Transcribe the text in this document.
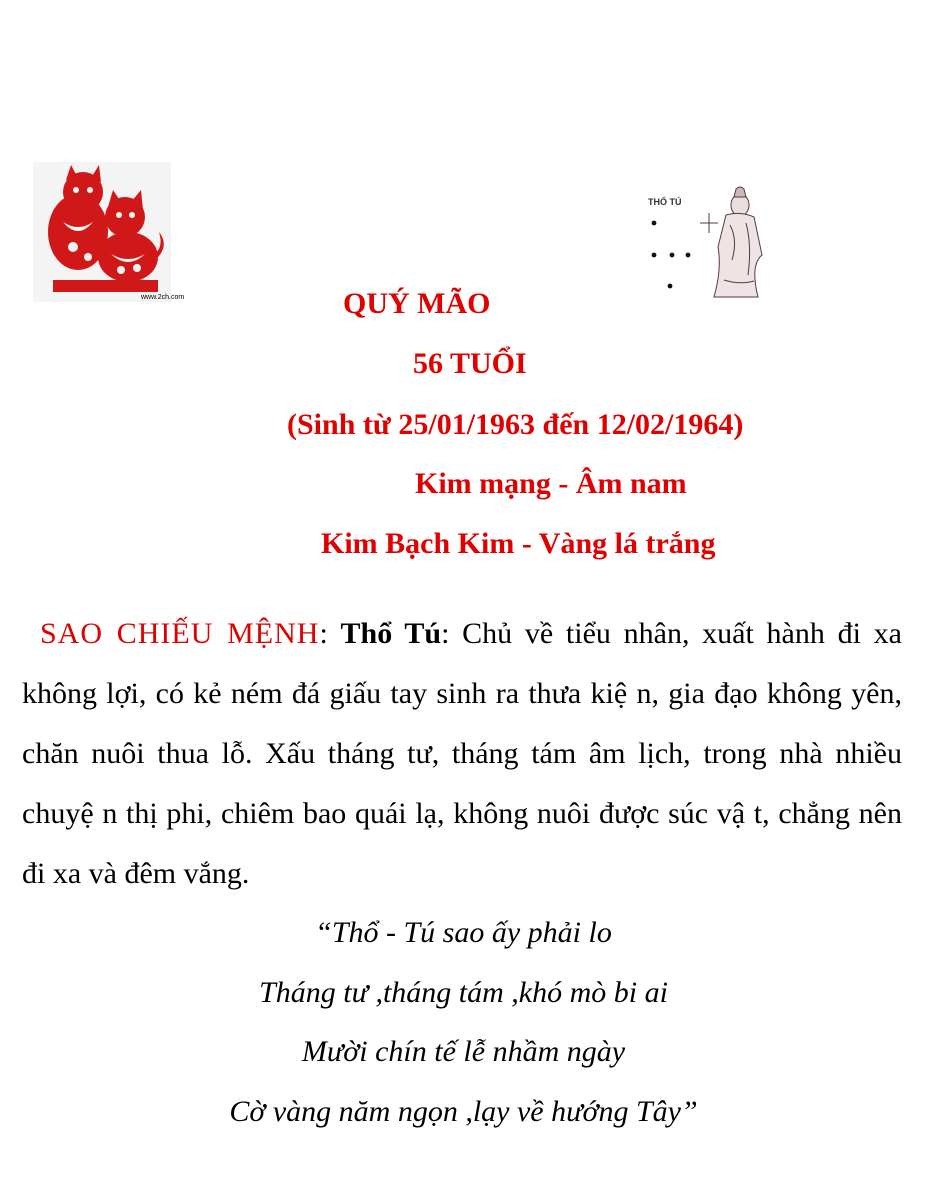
www.2ch.com
THỔ TÚ
QUÝ MÃO
56 TUỔI
(Sinh từ 25/01/1963 đến 12/02/1964)
Kim mạng - Âm nam
Kim Bạch Kim - Vàng lá trắng
SAO CHIẾU MỆNH: Thổ Tú: Chủ về tiểu nhân, xuất hành đi xa không lợi, có kẻ ném đá giấu tay sinh ra thưa kiệ n, gia đạo không yên, chăn nuôi thua lỗ. Xấu tháng tư, tháng tám âm lịch, trong nhà nhiều chuyệ n thị phi, chiêm bao quái lạ, không nuôi được súc vậ t, chẳng nên đi xa và đêm vắng.
“Thổ - Tú sao ấy phải lo
Tháng tư ,tháng tám ,khó mò bi ai
Mười chín tế lễ nhầm ngày
Cờ vàng năm ngọn ,lạy về hướng Tây”
